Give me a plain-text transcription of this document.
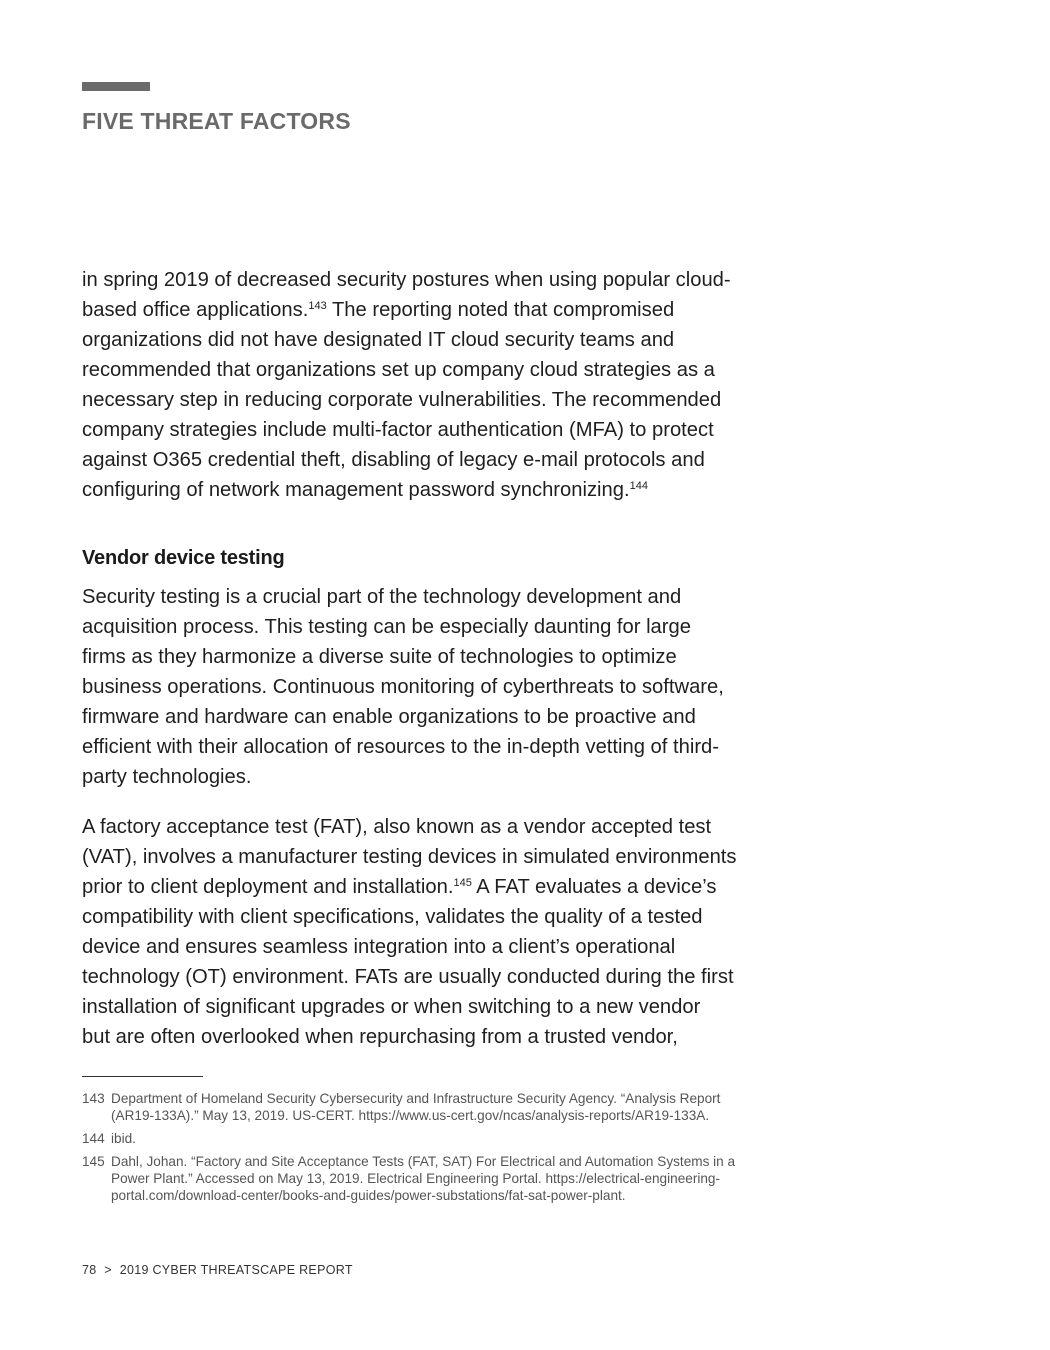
FIVE THREAT FACTORS
in spring 2019 of decreased security postures when using popular cloud-
based office applications.$^{143}$ The reporting noted that compromised
organizations did not have designated IT cloud security teams and
recommended that organizations set up company cloud strategies as a
necessary step in reducing corporate vulnerabilities. The recommended
company strategies include multi-factor authentication (MFA) to protect
against O365 credential theft, disabling of legacy e-mail protocols and
configuring of network management password synchronizing.$^{144}$
Vendor device testing
Security testing is a crucial part of the technology development and
acquisition process. This testing can be especially daunting for large
firms as they harmonize a diverse suite of technologies to optimize
business operations. Continuous monitoring of cyberthreats to software,
firmware and hardware can enable organizations to be proactive and
efficient with their allocation of resources to the in-depth vetting of third-
party technologies.
A factory acceptance test (FAT), also known as a vendor accepted test
(VAT), involves a manufacturer testing devices in simulated environments
prior to client deployment and installation.$^{145}$ A FAT evaluates a device’s
compatibility with client specifications, validates the quality of a tested
device and ensures seamless integration into a client’s operational
technology (OT) environment. FATs are usually conducted during the first
installation of significant upgrades or when switching to a new vendor
but are often overlooked when repurchasing from a trusted vendor,
143 Department of Homeland Security Cybersecurity and Infrastructure Security Agency. “Analysis Report
(AR19-133A).” May 13, 2019. US-CERT. https://www.us-cert.gov/ncas/analysis-reports/AR19-133A.
144 ibid.
145 Dahl, Johan. “Factory and Site Acceptance Tests (FAT, SAT) For Electrical and Automation Systems in a
Power Plant.” Accessed on May 13, 2019. Electrical Engineering Portal. https://electrical-engineering-
portal.com/download-center/books-and-guides/power-substations/fat-sat-power-plant.
78 > 2019 CYBER THREATSCAPE REPORT
